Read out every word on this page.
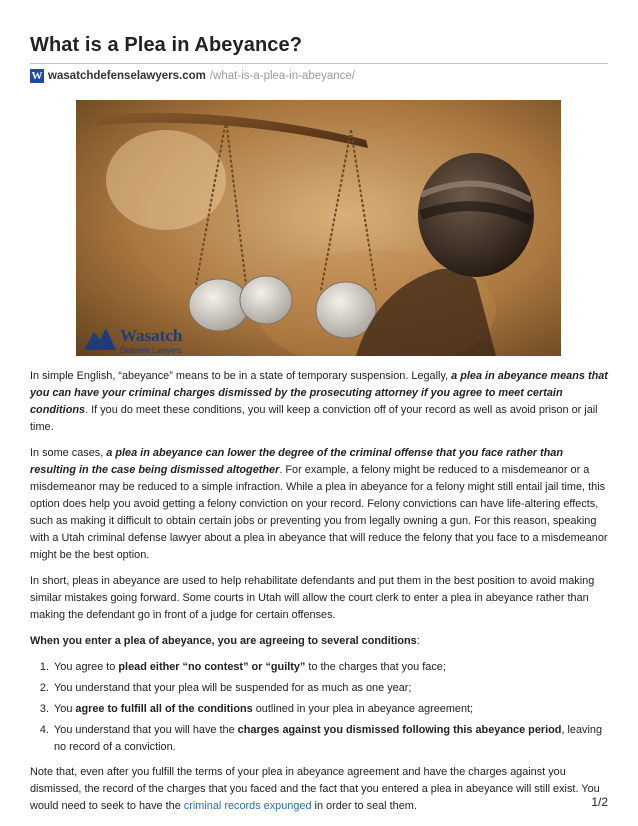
What is a Plea in Abeyance?
W wasatchdefenselawyers.com /what-is-a-plea-in-abeyance/
Wasatch
Defense Lawyers

In simple English, “abeyance” means to be in a state of temporary suspension. Legally, a plea in abeyance means that you can have your criminal charges dismissed by the prosecuting attorney if you agree to meet certain conditions. If you do meet these conditions, you will keep a conviction off of your record as well as avoid prison or jail time.

In some cases, a plea in abeyance can lower the degree of the criminal offense that you face rather than resulting in the case being dismissed altogether. For example, a felony might be reduced to a misdemeanor or a misdemeanor may be reduced to a simple infraction. While a plea in abeyance for a felony might still entail jail time, this option does help you avoid getting a felony conviction on your record. Felony convictions can have life-altering effects, such as making it difficult to obtain certain jobs or preventing you from legally owning a gun. For this reason, speaking with a Utah criminal defense lawyer about a plea in abeyance that will reduce the felony that you face to a misdemeanor might be the best option.

In short, pleas in abeyance are used to help rehabilitate defendants and put them in the best position to avoid making similar mistakes going forward. Some courts in Utah will allow the court clerk to enter a plea in abeyance rather than making the defendant go in front of a judge for certain offenses.

When you enter a plea of abeyance, you are agreeing to several conditions:

1. You agree to plead either “no contest” or “guilty” to the charges that you face;
2. You understand that your plea will be suspended for as much as one year;
3. You agree to fulfill all of the conditions outlined in your plea in abeyance agreement;
4. You understand that you will have the charges against you dismissed following this abeyance period, leaving no record of a conviction.

Note that, even after you fulfill the terms of your plea in abeyance agreement and have the charges against you dismissed, the record of the charges that you faced and the fact that you entered a plea in abeyance will still exist. You would need to seek to have the criminal records expunged in order to seal them.	1/2
